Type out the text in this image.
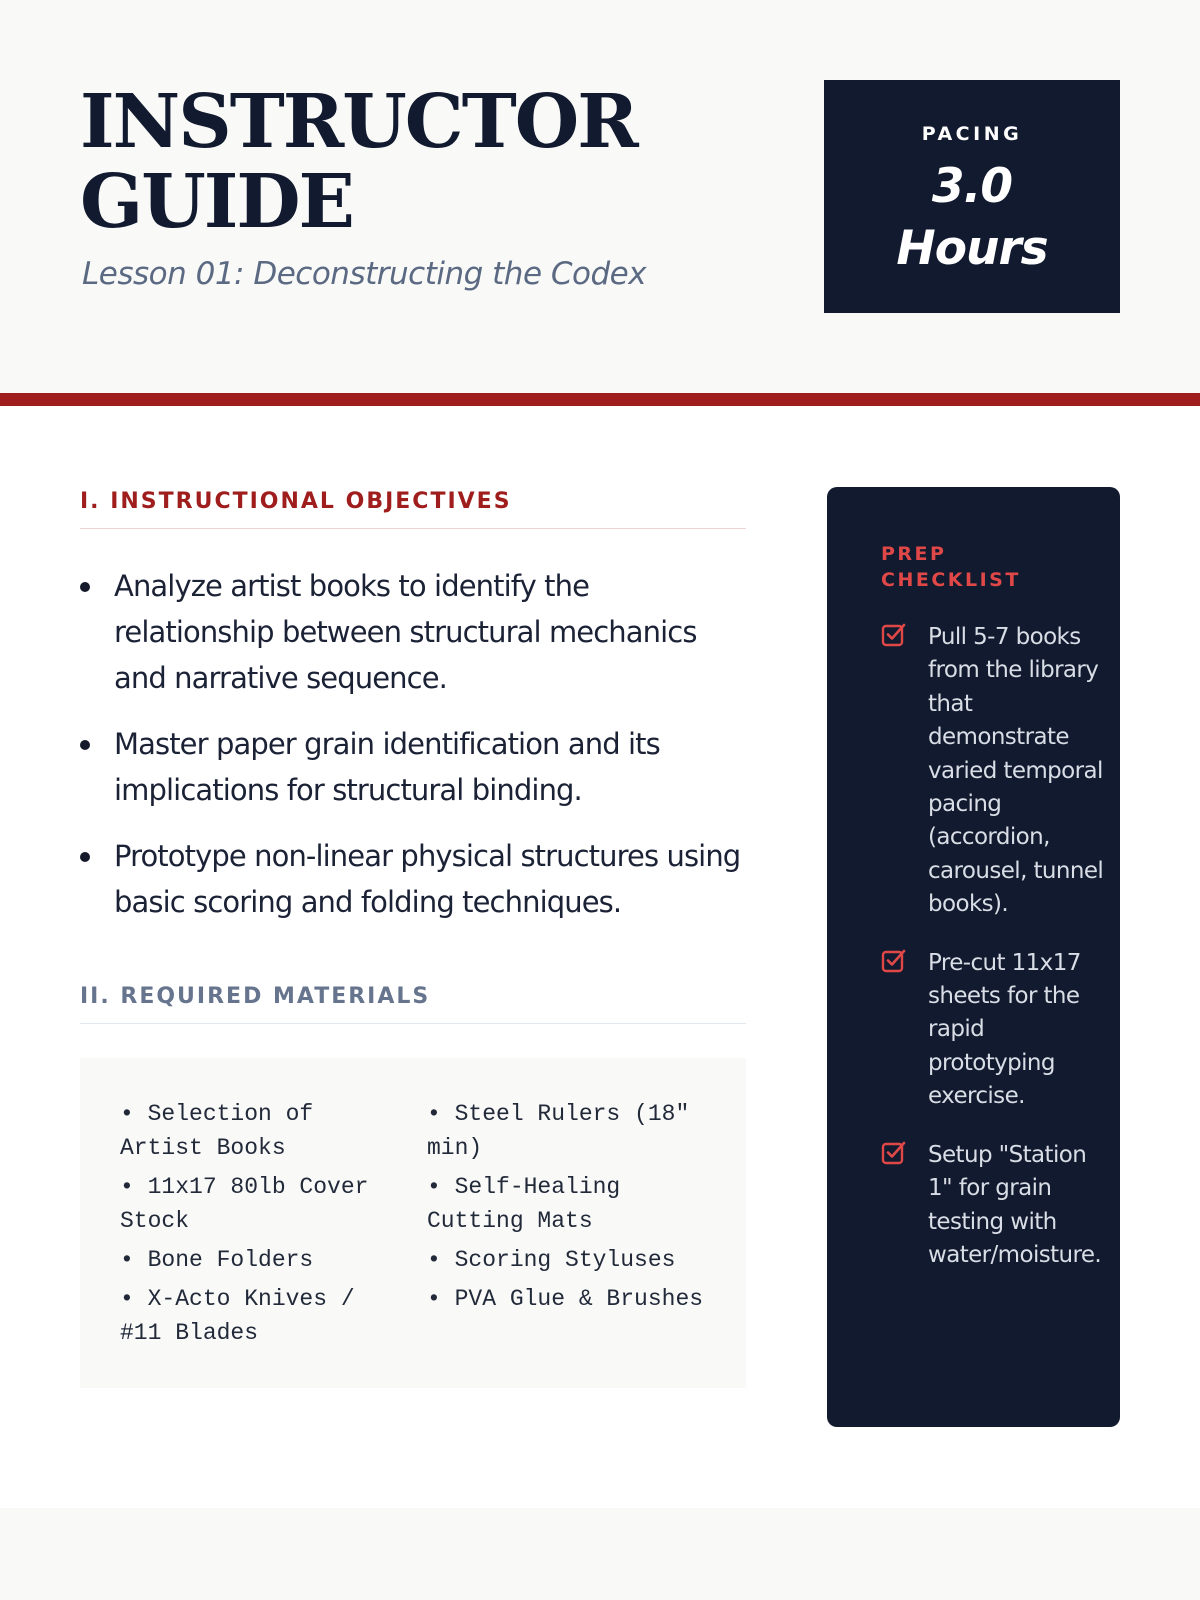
INSTRUCTOR
GUIDE

Lesson 01: Deconstructing the Codex

PACING
3.0
Hours
I. INSTRUCTIONAL OBJECTIVES
Analyze artist books to identify the relationship between structural mechanics and narrative sequence.
Master paper grain identification and its implications for structural binding.
Prototype non-linear physical structures using basic scoring and folding techniques.
II. REQUIRED MATERIALS
• Selection of Artist Books
• 11x17 80lb Cover Stock
• Bone Folders
• X-Acto Knives / #11 Blades
• Steel Rulers (18" min)
• Self-Healing Cutting Mats
• Scoring Styluses
• PVA Glue & Brushes
PREP CHECKLIST
Pull 5-7 books from the library that demonstrate varied temporal pacing (accordion, carousel, tunnel books).
Pre-cut 11x17 sheets for the rapid prototyping exercise.
Setup "Station 1" for grain testing with water/moisture.
